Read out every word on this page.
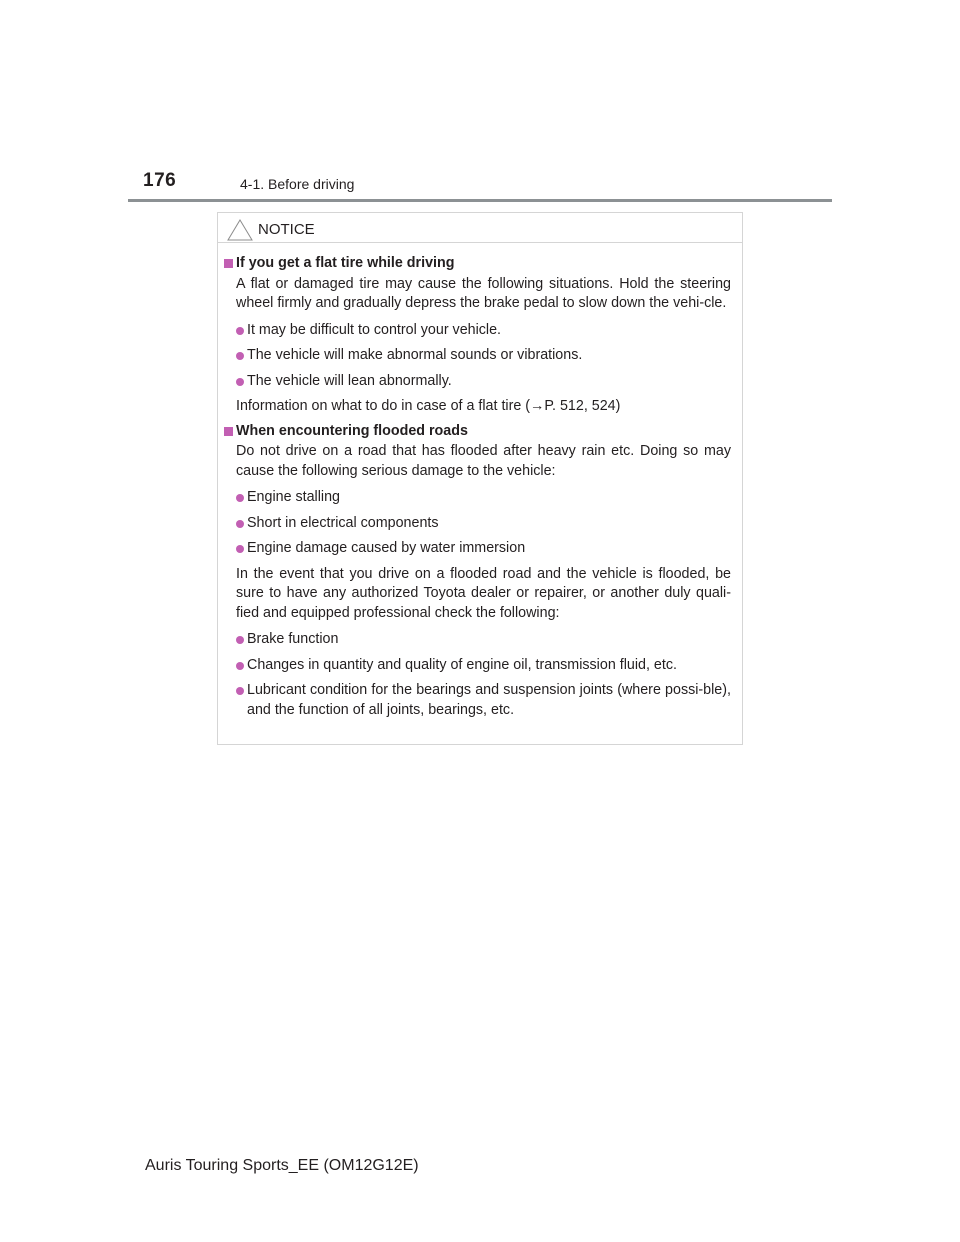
176	4-1. Before driving
NOTICE
If you get a flat tire while driving
A flat or damaged tire may cause the following situations. Hold the steering wheel firmly and gradually depress the brake pedal to slow down the vehi-cle.
It may be difficult to control your vehicle.
The vehicle will make abnormal sounds or vibrations.
The vehicle will lean abnormally.
Information on what to do in case of a flat tire (→P. 512, 524)
When encountering flooded roads
Do not drive on a road that has flooded after heavy rain etc. Doing so may cause the following serious damage to the vehicle:
Engine stalling
Short in electrical components
Engine damage caused by water immersion
In the event that you drive on a flooded road and the vehicle is flooded, be sure to have any authorized Toyota dealer or repairer, or another duly quali-fied and equipped professional check the following:
Brake function
Changes in quantity and quality of engine oil, transmission fluid, etc.
Lubricant condition for the bearings and suspension joints (where possi-ble), and the function of all joints, bearings, etc.
Auris Touring Sports_EE (OM12G12E)
